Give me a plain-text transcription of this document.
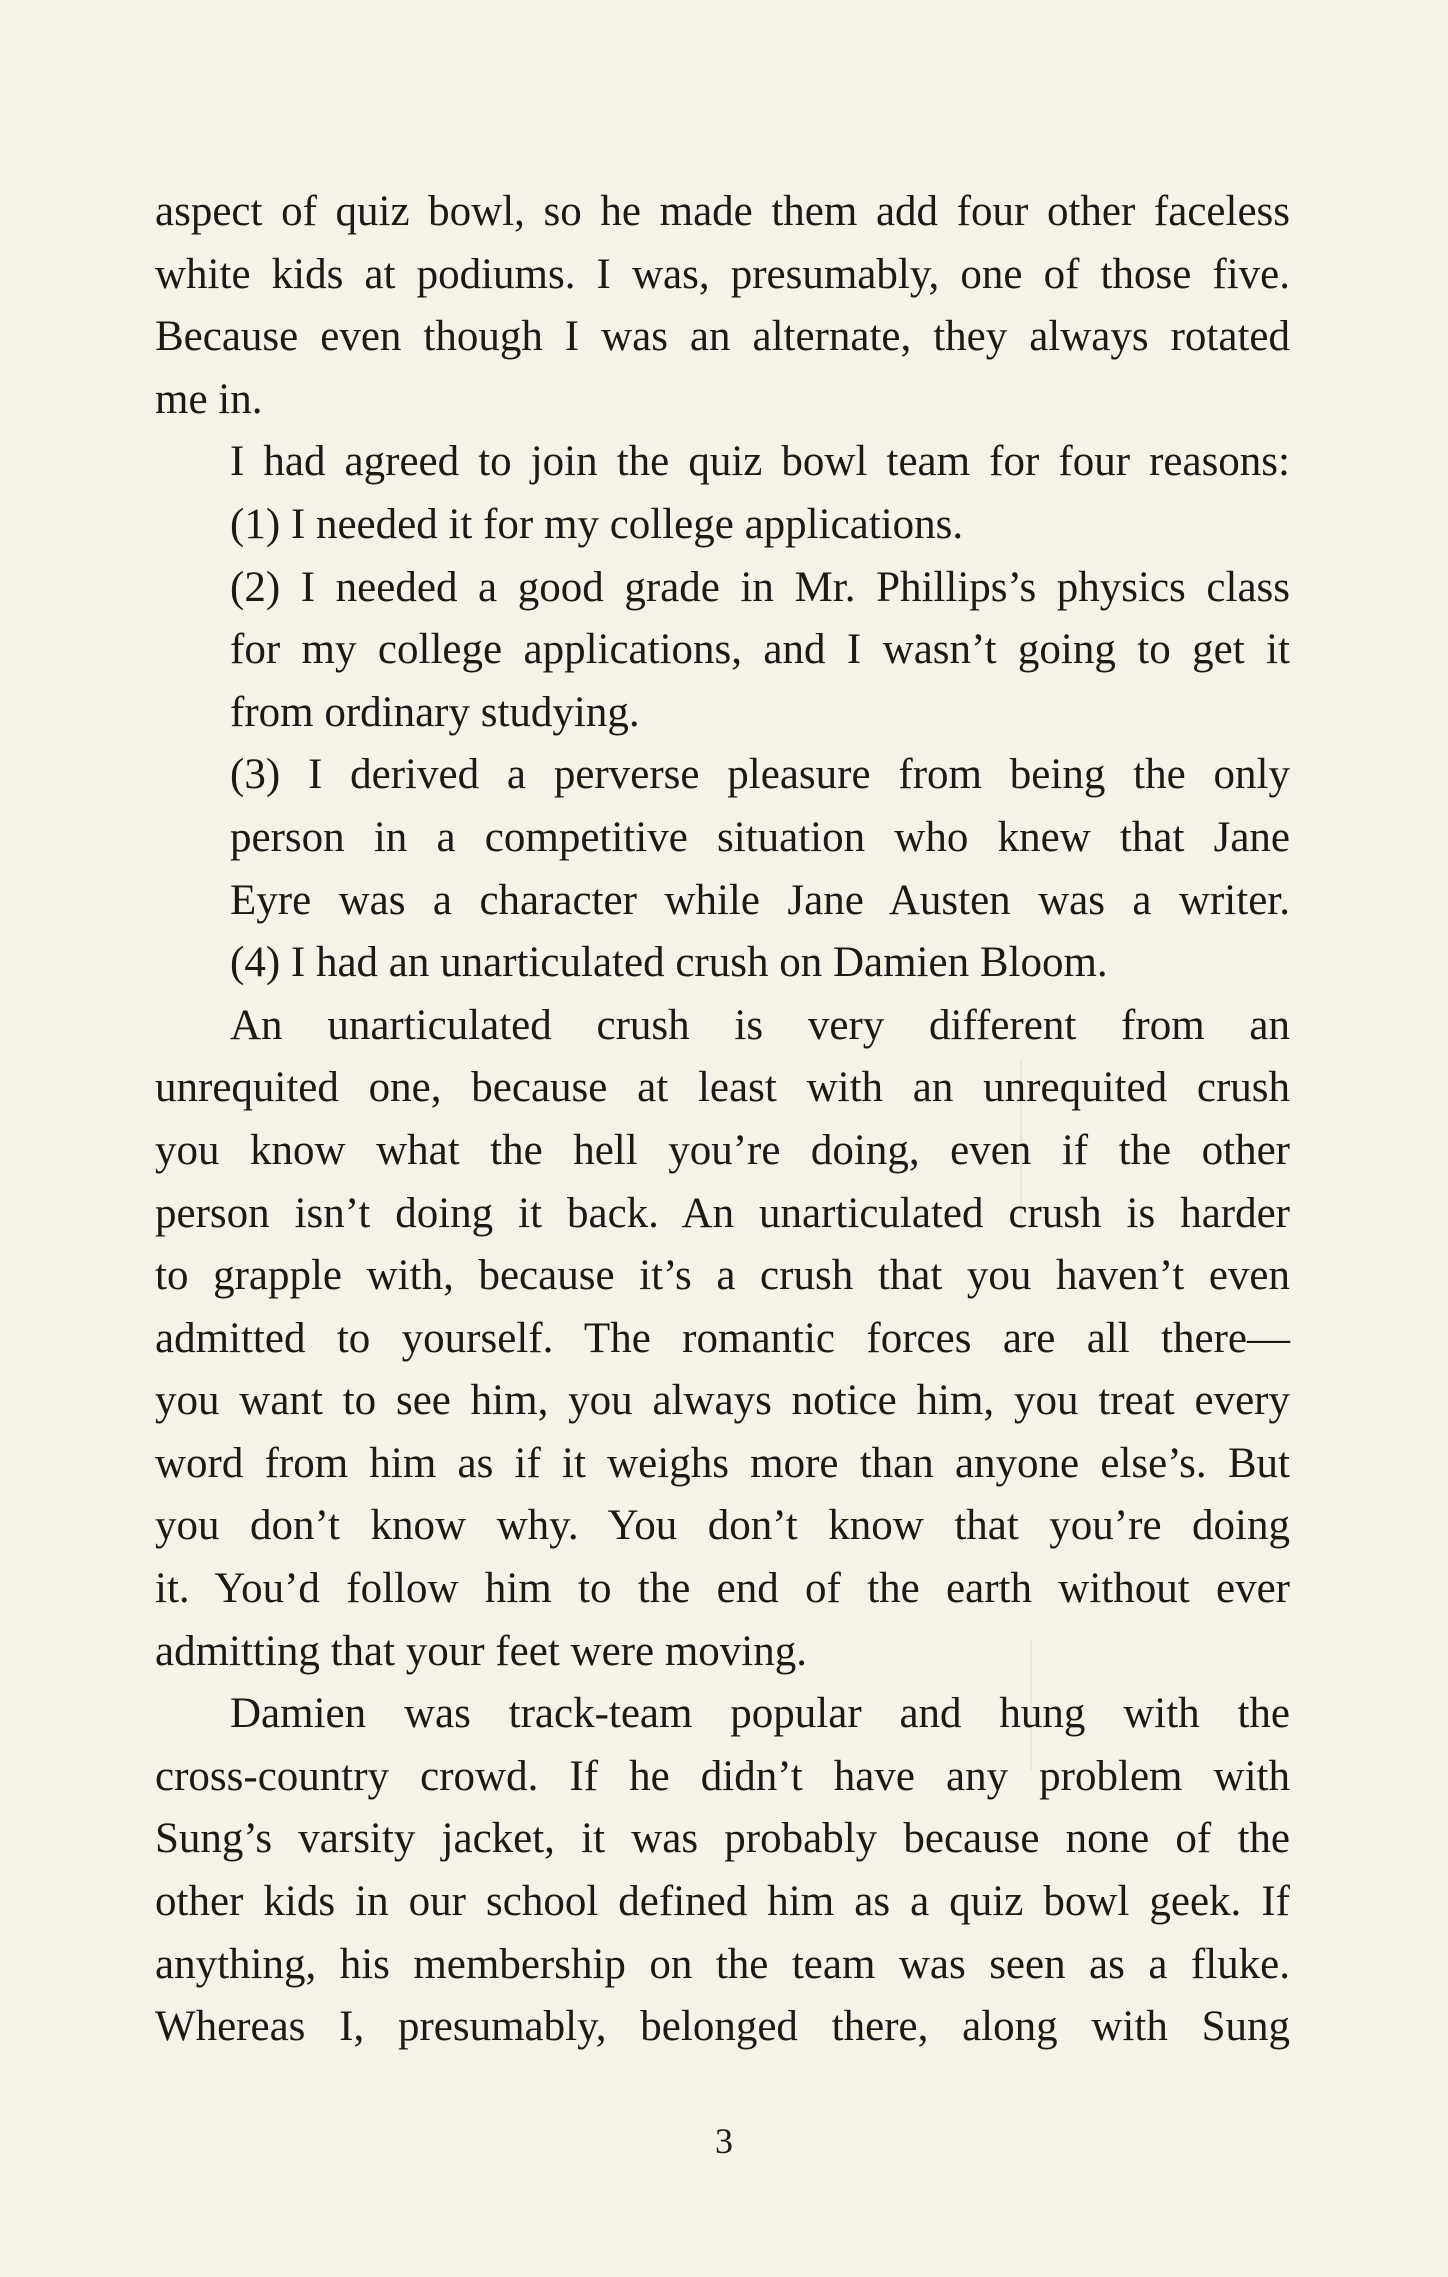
aspect of quiz bowl, so he made them add four other faceless
white kids at podiums. I was, presumably, one of those five.
Because even though I was an alternate, they always rotated
me in.
I had agreed to join the quiz bowl team for four reasons:
(1) I needed it for my college applications.
(2) I needed a good grade in Mr. Phillips’s physics class
for my college applications, and I wasn’t going to get it
from ordinary studying.
(3) I derived a perverse pleasure from being the only
person in a competitive situation who knew that Jane
Eyre was a character while Jane Austen was a writer.
(4) I had an unarticulated crush on Damien Bloom.
An unarticulated crush is very different from an
unrequited one, because at least with an unrequited crush
you know what the hell you’re doing, even if the other
person isn’t doing it back. An unarticulated crush is harder
to grapple with, because it’s a crush that you haven’t even
admitted to yourself. The romantic forces are all there—
you want to see him, you always notice him, you treat every
word from him as if it weighs more than anyone else’s. But
you don’t know why. You don’t know that you’re doing
it. You’d follow him to the end of the earth without ever
admitting that your feet were moving.
Damien was track-team popular and hung with the
cross-country crowd. If he didn’t have any problem with
Sung’s varsity jacket, it was probably because none of the
other kids in our school defined him as a quiz bowl geek. If
anything, his membership on the team was seen as a fluke.
Whereas I, presumably, belonged there, along with Sung
3
